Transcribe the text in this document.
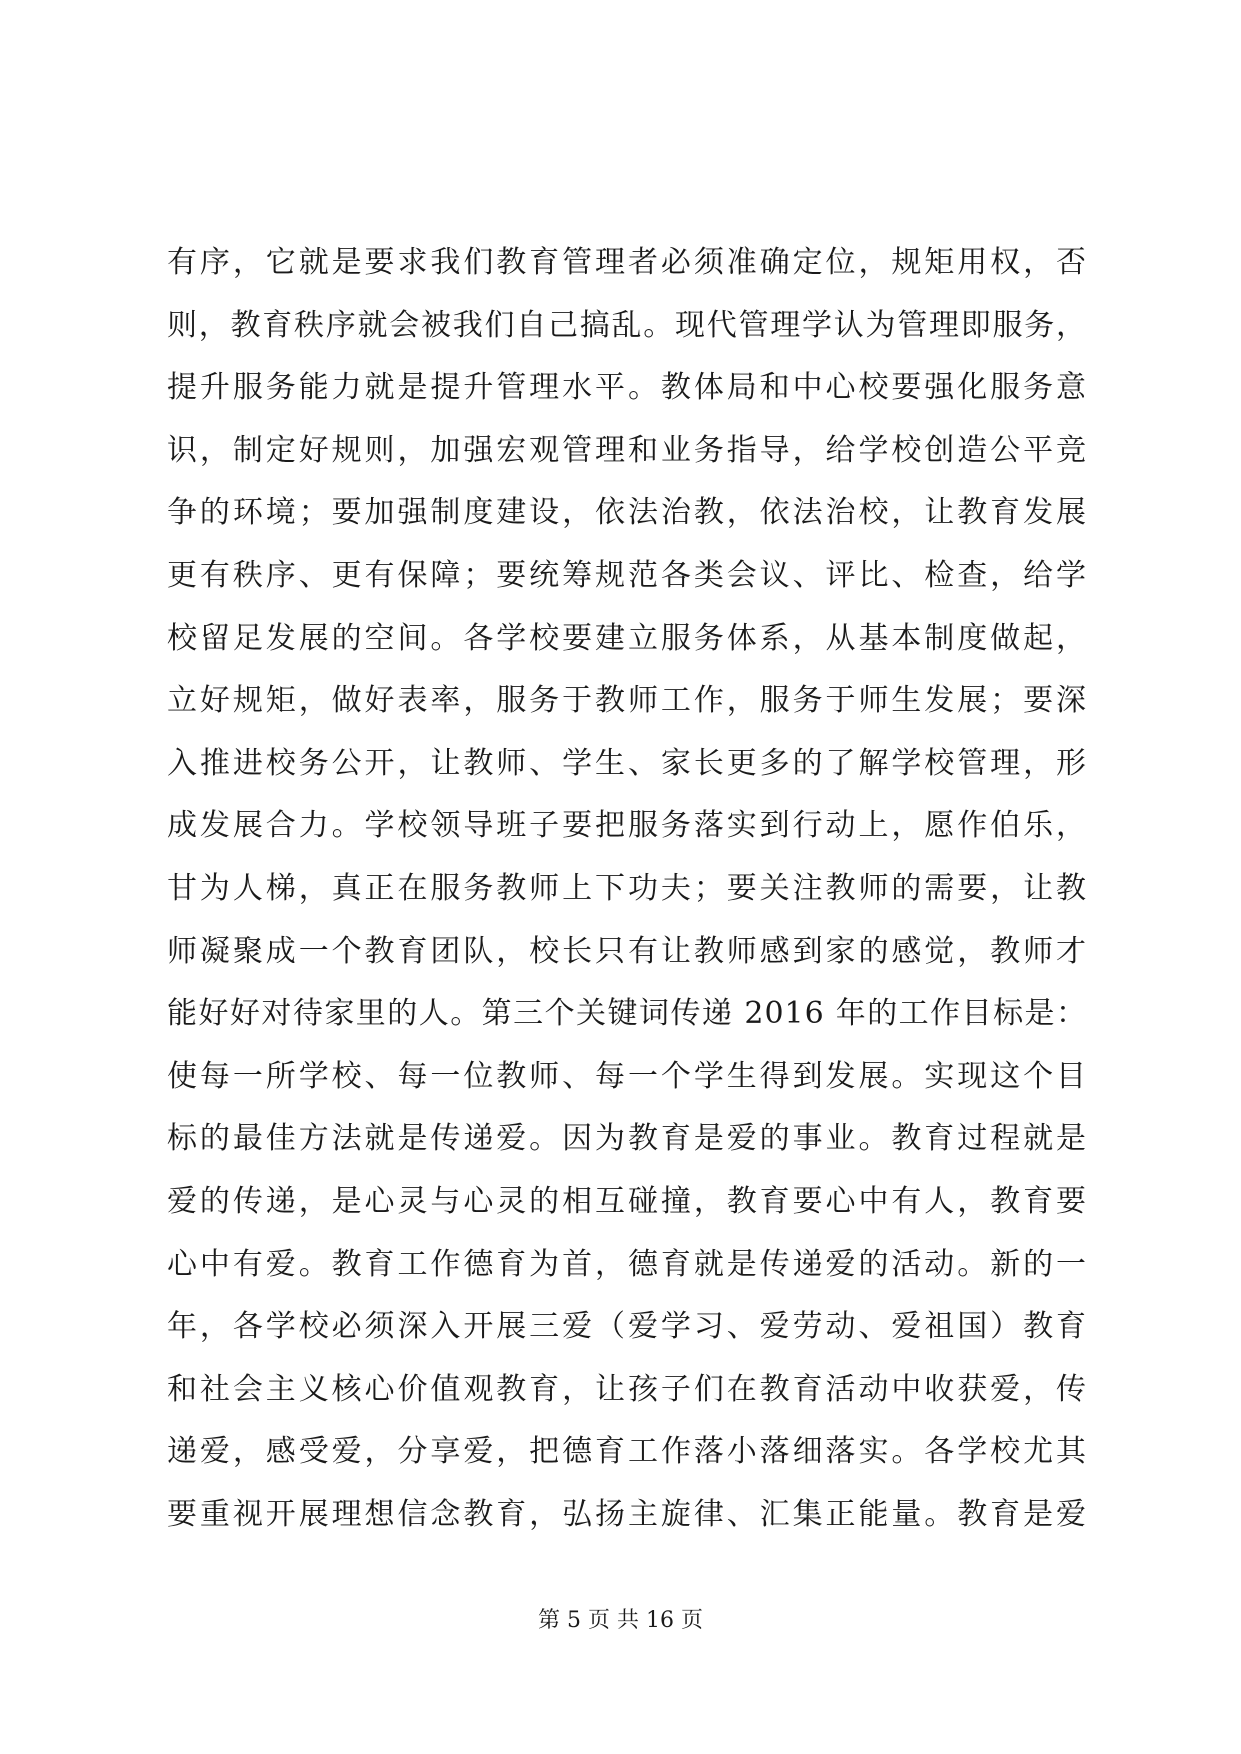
有序，它就是要求我们教育管理者必须准确定位，规矩用权，否
则，教育秩序就会被我们自己搞乱。现代管理学认为管理即服务，
提升服务能力就是提升管理水平。教体局和中心校要强化服务意
识，制定好规则，加强宏观管理和业务指导，给学校创造公平竞
争的环境；要加强制度建设，依法治教，依法治校，让教育发展
更有秩序、更有保障；要统筹规范各类会议、评比、检查，给学
校留足发展的空间。各学校要建立服务体系，从基本制度做起，
立好规矩，做好表率，服务于教师工作，服务于师生发展；要深
入推进校务公开，让教师、学生、家长更多的了解学校管理，形
成发展合力。学校领导班子要把服务落实到行动上，愿作伯乐，
甘为人梯，真正在服务教师上下功夫；要关注教师的需要，让教
师凝聚成一个教育团队，校长只有让教师感到家的感觉，教师才
能好好对待家里的人。第三个关键词传递 2016 年的工作目标是：
使每一所学校、每一位教师、每一个学生得到发展。实现这个目
标的最佳方法就是传递爱。因为教育是爱的事业。教育过程就是
爱的传递，是心灵与心灵的相互碰撞，教育要心中有人，教育要
心中有爱。教育工作德育为首，德育就是传递爱的活动。新的一
年，各学校必须深入开展三爱（爱学习、爱劳动、爱祖国）教育
和社会主义核心价值观教育，让孩子们在教育活动中收获爱，传
递爱，感受爱，分享爱，把德育工作落小落细落实。各学校尤其
要重视开展理想信念教育，弘扬主旋律、汇集正能量。教育是爱
第 5 页 共 16 页
